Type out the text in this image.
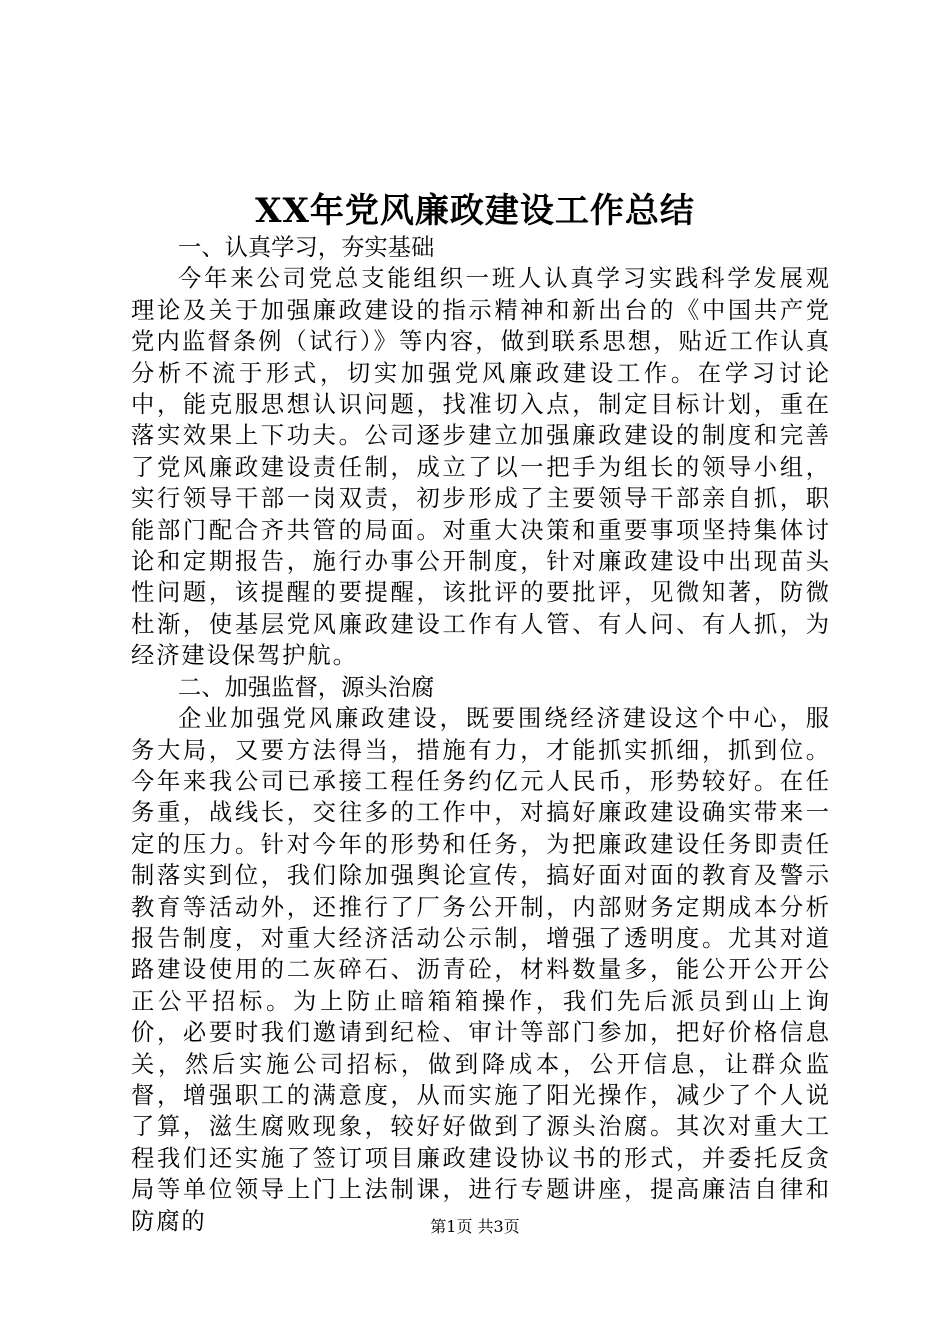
XX年党风廉政建设工作总结

一、认真学习，夯实基础

今年来公司党总支能组织一班人认真学习实践科学发展观理论及关于加强廉政建设的指示精神和新出台的《中国共产党党内监督条例（试行）》等内容，做到联系思想，贴近工作认真分析不流于形式，切实加强党风廉政建设工作。在学习讨论中，能克服思想认识问题，找准切入点，制定目标计划，重在落实效果上下功夫。公司逐步建立加强廉政建设的制度和完善了党风廉政建设责任制，成立了以一把手为组长的领导小组，实行领导干部一岗双责，初步形成了主要领导干部亲自抓，职能部门配合齐共管的局面。对重大决策和重要事项坚持集体讨论和定期报告，施行办事公开制度，针对廉政建设中出现苗头性问题，该提醒的要提醒，该批评的要批评，见微知著，防微杜渐，使基层党风廉政建设工作有人管、有人问、有人抓，为经济建设保驾护航。

二、加强监督，源头治腐

企业加强党风廉政建设，既要围绕经济建设这个中心，服务大局，又要方法得当，措施有力，才能抓实抓细，抓到位。今年来我公司已承接工程任务约亿元人民币，形势较好。在任务重，战线长，交往多的工作中，对搞好廉政建设确实带来一定的压力。针对今年的形势和任务，为把廉政建设任务即责任制落实到位，我们除加强舆论宣传，搞好面对面的教育及警示教育等活动外，还推行了厂务公开制，内部财务定期成本分析报告制度，对重大经济活动公示制，增强了透明度。尤其对道路建设使用的二灰碎石、沥青砼，材料数量多，能公开公开公正公平招标。为上防止暗箱箱操作，我们先后派员到山上询价，必要时我们邀请到纪检、审计等部门参加，把好价格信息关，然后实施公司招标，做到降成本，公开信息，让群众监督，增强职工的满意度，从而实施了阳光操作，减少了个人说了算，滋生腐败现象，较好好做到了源头治腐。其次对重大工程我们还实施了签订项目廉政建设协议书的形式，并委托反贪局等单位领导上门上法制课，进行专题讲座，提高廉洁自律和防腐的	第1页 共3页
